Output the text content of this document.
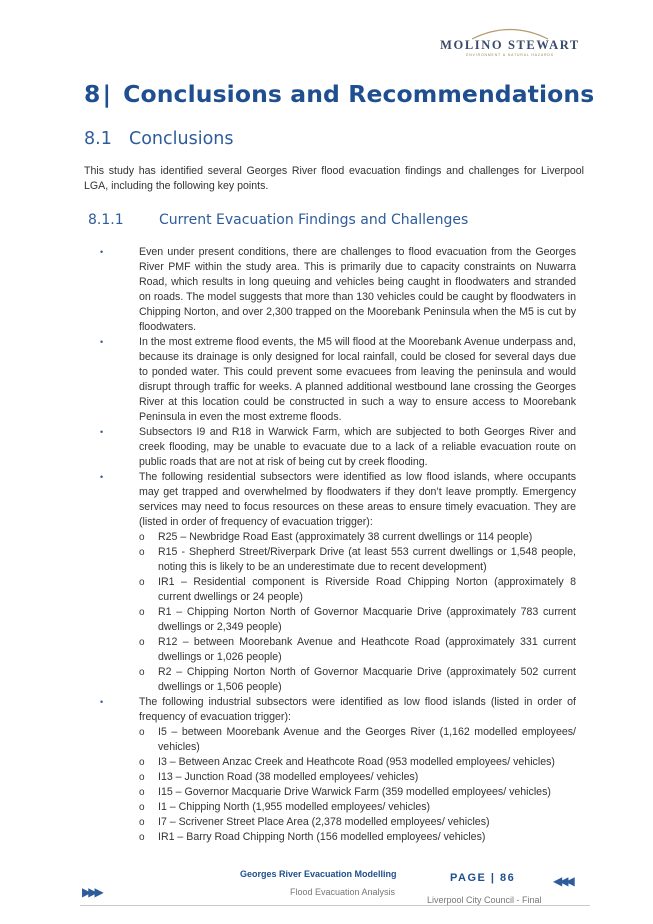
MOLINO STEWART
ENVIRONMENT & NATURAL HAZARDS
8| Conclusions and Recommendations
8.1 Conclusions
This study has identified several Georges River flood evacuation findings and challenges for Liverpool LGA, including the following key points.
8.1.1	Current Evacuation Findings and Challenges
•	Even under present conditions, there are challenges to flood evacuation from the Georges River PMF within the study area. This is primarily due to capacity constraints on Nuwarra Road, which results in long queuing and vehicles being caught in floodwaters and stranded on roads. The model suggests that more than 130 vehicles could be caught by floodwaters in Chipping Norton, and over 2,300 trapped on the Moorebank Peninsula when the M5 is cut by floodwaters.
•	In the most extreme flood events, the M5 will flood at the Moorebank Avenue underpass and, because its drainage is only designed for local rainfall, could be closed for several days due to ponded water. This could prevent some evacuees from leaving the peninsula and would disrupt through traffic for weeks. A planned additional westbound lane crossing the Georges River at this location could be constructed in such a way to ensure access to Moorebank Peninsula in even the most extreme floods.
•	Subsectors I9 and R18 in Warwick Farm, which are subjected to both Georges River and creek flooding, may be unable to evacuate due to a lack of a reliable evacuation route on public roads that are not at risk of being cut by creek flooding.
•	The following residential subsectors were identified as low flood islands, where occupants may get trapped and overwhelmed by floodwaters if they don’t leave promptly. Emergency services may need to focus resources on these areas to ensure timely evacuation. They are (listed in order of frequency of evacuation trigger):
o R25 – Newbridge Road East (approximately 38 current dwellings or 114 people)
o R15 - Shepherd Street/Riverpark Drive (at least 553 current dwellings or 1,548 people, noting this is likely to be an underestimate due to recent development)
o IR1 – Residential component is Riverside Road Chipping Norton (approximately 8 current dwellings or 24 people)
o R1 – Chipping Norton North of Governor Macquarie Drive (approximately 783 current dwellings or 2,349 people)
o R12 – between Moorebank Avenue and Heathcote Road (approximately 331 current dwellings or 1,026 people)
o R2 – Chipping Norton North of Governor Macquarie Drive (approximately 502 current dwellings or 1,506 people)
•	The following industrial subsectors were identified as low flood islands (listed in order of frequency of evacuation trigger):
o I5 – between Moorebank Avenue and the Georges River (1,162 modelled employees/ vehicles)
o I3 – Between Anzac Creek and Heathcote Road (953 modelled employees/ vehicles)
o I13 – Junction Road (38 modelled employees/ vehicles)
o I15 – Governor Macquarie Drive Warwick Farm (359 modelled employees/ vehicles)
o I1 – Chipping North (1,955 modelled employees/ vehicles)
o I7 – Scrivener Street Place Area (2,378 modelled employees/ vehicles)
o IR1 – Barry Road Chipping North (156 modelled employees/ vehicles)
Georges River Evacuation Modelling
Flood Evacuation Analysis
PAGE | 86
Liverpool City Council - Final
▶▶▶
◀◀◀
